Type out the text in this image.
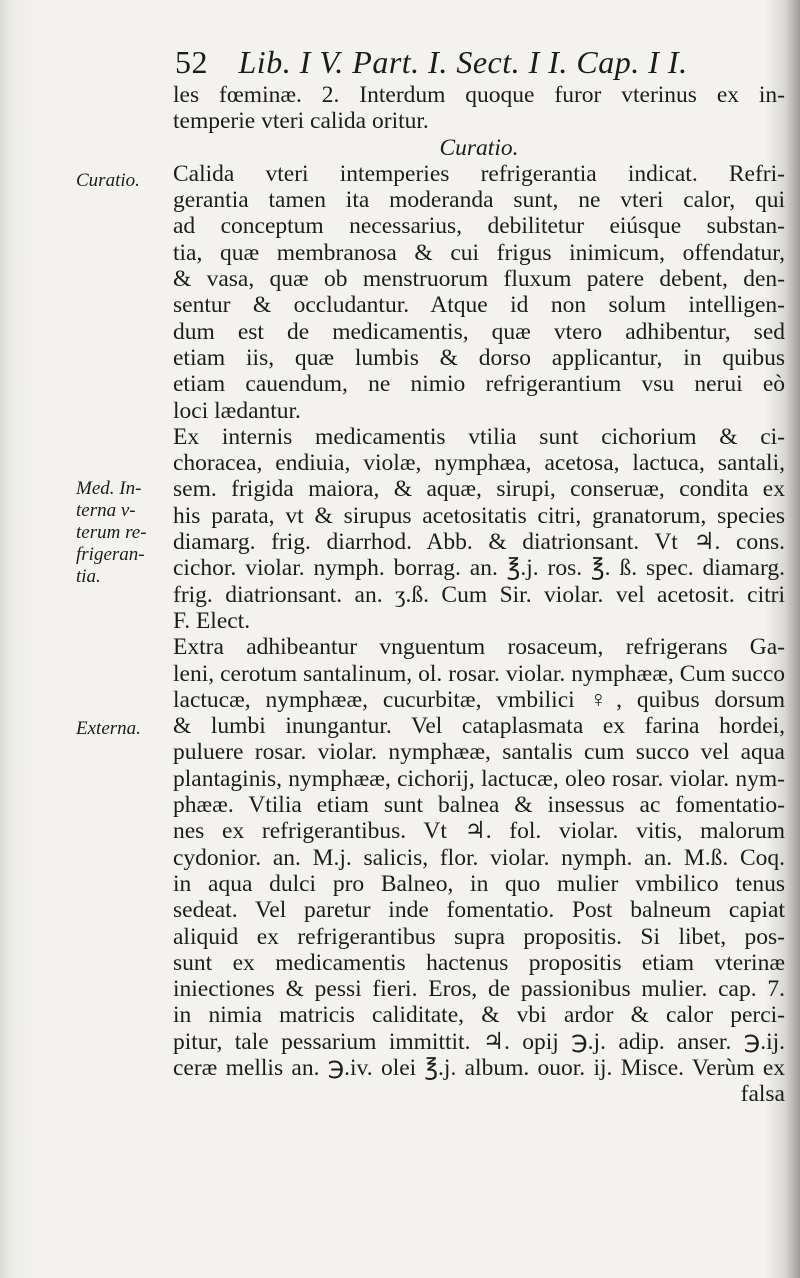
52 Lib. I V. Part. I. Sect. I I. Cap. I I.
Curatio.
Med. In-
terna v-
terum re-
frigeran-
tia.
Externa.
les fœminæ. 2. Interdum quoque furor vterinus ex in-
temperie vteri calida oritur.
Curatio.
Calida vteri intemperies refrigerantia indicat. Refri-
gerantia tamen ita moderanda sunt, ne vteri calor, qui
ad conceptum necessarius, debilitetur eiúsque substan-
tia, quæ membranosa & cui frigus inimicum, offendatur,
& vasa, quæ ob menstruorum fluxum patere debent, den-
sentur & occludantur. Atque id non solum intelligen-
dum est de medicamentis, quæ vtero adhibentur, sed
etiam iis, quæ lumbis & dorso applicantur, in quibus
etiam cauendum, ne nimio refrigerantium vsu nerui eò
loci lædantur.
Ex internis medicamentis vtilia sunt cichorium & ci-
choracea, endiuia, violæ, nymphæa, acetosa, lactuca, santali,
sem. frigida maiora, & aquæ, sirupi, conseruæ, condita ex
his parata, vt & sirupus acetositatis citri, granatorum, species
diamarg. frig. diarrhod. Abb. & diatrionsant. Vt ♃. cons.
cichor. violar. nymph. borrag. an. ℥.j. ros. ℥. ß. spec. diamarg.
frig. diatrionsant. an. ʒ.ß. Cum Sir. violar. vel acetosit. citri
F. Elect.
Extra adhibeantur vnguentum rosaceum, refrigerans Ga-
leni, cerotum santalinum, ol. rosar. violar. nymphææ, Cum succo
lactucæ, nymphææ, cucurbitæ, vmbilici ♀, quibus dorsum
& lumbi inungantur. Vel cataplasmata ex farina hordei,
puluere rosar. violar. nymphææ, santalis cum succo vel aqua
plantaginis, nymphææ, cichorij, lactucæ, oleo rosar. violar. nym-
phææ. Vtilia etiam sunt balnea & insessus ac fomentatio-
nes ex refrigerantibus. Vt ♃. fol. violar. vitis, malorum
cydonior. an. M.j. salicis, flor. violar. nymph. an. M.ß. Coq.
in aqua dulci pro Balneo, in quo mulier vmbilico tenus
sedeat. Vel paretur inde fomentatio. Post balneum capiat
aliquid ex refrigerantibus supra propositis. Si libet, pos-
sunt ex medicamentis hactenus propositis etiam vterinæ
iniectiones & pessi fieri. Eros, de passionibus mulier. cap. 7.
in nimia matricis caliditate, & vbi ardor & calor perci-
pitur, tale pessarium immittit. ♃. opij ℈.j. adip. anser. ℈.ij.
ceræ mellis an. ℈.iv. olei ℥.j. album. ouor. ij. Misce. Verùm ex
falsa
